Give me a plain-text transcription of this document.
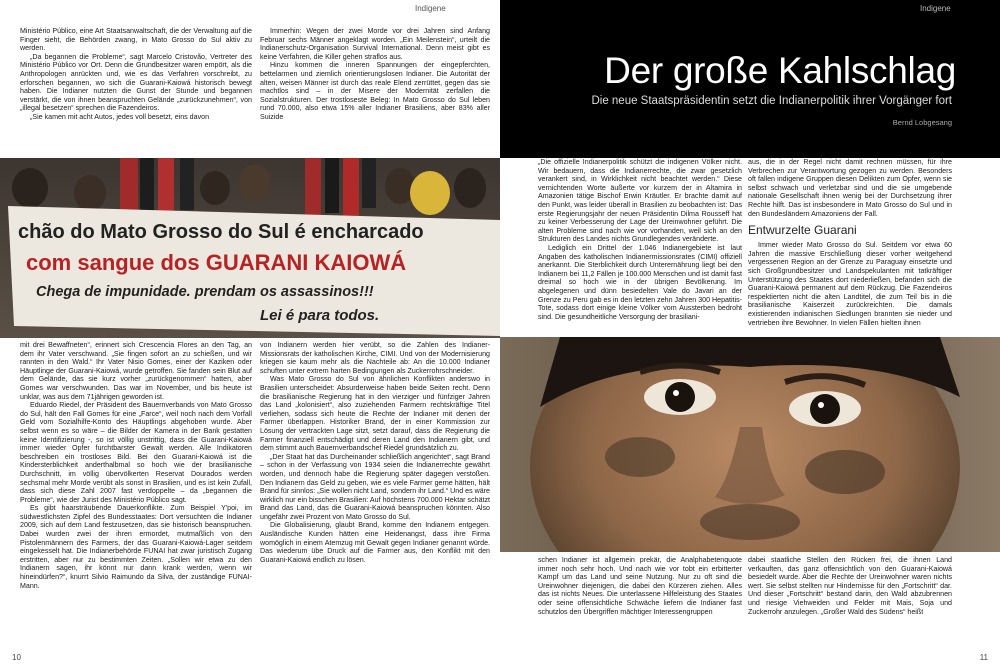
Indigene

Ministério Público, eine Art Staatsanwaltschaft, die der Verwaltung auf die Finger sieht, die Behörden zwang, in Mato Grosso do Sul aktiv zu werden.

„Da begannen die Probleme“, sagt Marcelo Cristovão, Vertreter des Ministério Público vor Ort. Denn die Grundbesitzer waren empört, als die Anthropologen anrückten und, wie es das Verfahren vorschreibt, zu erforschen begannen, wo sich die Guarani-Kaiowá historisch bewegt haben. Die Indianer nutzten die Gunst der Stunde und begannen verstärkt, die von ihnen beanspruchten Gelände „zurückzunehmen“, von „illegal besetzen“ sprechen die Fazendeiros.

„Sie kamen mit acht Autos, jedes voll besetzt, eins davon

Immerhin: Wegen der zwei Morde vor drei Jahren sind Anfang Februar sechs Männer angeklagt worden. „Ein Meilenstein“, urteilt die Indianerschutz-Organisation Survival International. Denn meist gibt es keine Verfahren, die Killer gehen straflos aus.

Hinzu kommen die inneren Spannungen der eingepferchten, bettelarmen und ziemlich orientierungslosen Indianer. Die Autorität der alten, weisen Männer ist durch das reale Elend zerrüttet, gegen das sie machtlos sind – in der Misere der Modernität zerfallen die Sozialstrukturen. Der trostloseste Beleg: In Mato Grosso do Sul leben rund 70.000, also etwa 15% aller Indianer Brasiliens, aber 83% aller Suizide

chão do Mato Grosso do Sul é encharcado
com sangue dos GUARANI KAIOWÁ
Chega de impunidade. prendam os assassinos!!!
Lei é para todos.

mit drei Bewaffneten“, erinnert sich Crescencia Flores an den Tag, an dem ihr Vater verschwand. „Sie fingen sofort an zu schießen, und wir rannten in den Wald.“ Ihr Vater Nisio Gomes, einer der Kaziken oder Häuptlinge der Guarani-Kaiowá, wurde getroffen. Sie fanden sein Blut auf dem Gelände, das sie kurz vorher „zurückgenommen“ hatten, aber Gomes war verschwunden. Das war im November, und bis heute ist unklar, was aus dem 71jährigen geworden ist.

Eduardo Riedel, der Präsident des Bauernverbands von Mato Grosso do Sul, hält den Fall Gomes für eine „Farce“, weil noch nach dem Vorfall Geld vom Sozialhilfe-Konto des Häuptlings abgehoben wurde. Aber selbst wenn es so wäre – die Bilder der Kamera in der Bank gestatten keine Identifizierung -, so ist völlig unstrittig, dass die Guarani-Kaiowá immer wieder Opfer furchtbarster Gewalt werden. Alle Indikatoren beschreiben ein trostloses Bild. Bei den Guarani-Kaiowá ist die Kindersterblichkeit anderthalbmal so hoch wie der brasilianische Durchschnitt, im völlig übervölkerten Reservat Dourados werden sechsmal mehr Morde verübt als sonst in Brasilien, und es ist kein Zufall, dass sich diese Zahl 2007 fast verdoppelte – da „begannen die Probleme“, wie der Jurist des Ministério Público sagt.

Es gibt haarsträubende Dauerkonflikte. Zum Beispiel Y'poi, im südwestlichsten Zipfel des Bundesstaates: Dort versuchten die Indianer 2009, sich auf dem Land festzusetzen, das sie historisch beanspruchen. Dabei wurden zwei der ihren ermordet, mutmaßlich von den Pistolenmännern des Farmers, der das Guarani-Kaiowá-Lager seitdem eingekesselt hat. Die Indianerbehörde FUNAI hat zwar juristisch Zugang erstritten, aber nur zu bestimmten Zeiten. „Sollen wir etwa zu den Indianern sagen, ihr könnt nur dann krank werden, wenn wir hineindürfen?“, knurrt Silvio Raimundo da Silva, der zuständige FUNAI-Mann.

von Indianern werden hier verübt, so die Zahlen des Indianer-Missionsrats der katholischen Kirche, CIMI. Und von der Modernisierung kriegen sie kaum mehr als die Nachteile ab: An die 10.000 Indianer schuften unter extrem harten Bedingungen als Zuckerrohrschneider.

Was Mato Grosso do Sul von ähnlichen Konflikten anderswo in Brasilien unterscheidet: Absurderweise haben beide Seiten recht. Denn die brasilianische Regierung hat in den vierziger und fünfziger Jahren das Land „kolonisiert“, also zuziehenden Farmern rechtskräftige Titel verliehen, sodass sich heute die Rechte der Indianer mit denen der Farmer überlappen. Historiker Brand, der in einer Kommission zur Lösung der vertrackten Lage sitzt, setzt darauf, dass die Regierung die Farmer finanziell entschädigt und deren Land den Indianern gibt, und dem stimmt auch Bauernverbandschef Riedel grundsätzlich zu.

„Der Staat hat das Durcheinander schließlich angerichtet“, sagt Brand – schon in der Verfassung von 1934 seien die Indianerrechte gewährt worden, und dennoch habe die Regierung später dagegen verstoßen. Den Indianern das Geld zu geben, wie es viele Farmer gerne hätten, hält Brand für sinnlos: „Sie wollen nicht Land, sondern ihr Land.“ Und es wäre wirklich nur ein bisschen Brasilien: Auf höchstens 700.000 Hektar schätzt Brand das Land, das die Guarani-Kaiowá beanspruchen könnten. Also ungefähr zwei Prozent von Mato Grosso do Sul.

Die Globalisierung, glaubt Brand, komme den Indianern entgegen. Ausländische Kunden hätten eine Heidenangst, dass ihre Firma womöglich in einem Atemzug mit Gewalt gegen Indianer genannt würde. Das wiederum übe Druck auf die Farmer aus, den Konflikt mit den Guarani-Kaiowá endlich zu lösen.

10
Indigene
Der große Kahlschlag
Die neue Staatspräsidentin setzt die Indianerpolitik ihrer Vorgänger fort
Bernd Lobgesang

„Die offizielle Indianerpolitik schützt die indigenen Völker nicht. Wir bedauern, dass die Indianerrechte, die zwar gesetzlich verankert sind, in Wirklichkeit nicht beachtet werden.“ Diese vernichtenden Worte äußerte vor kurzem der in Altamira in Amazonien tätige Bischof Erwin Kräutler. Er brachte damit auf den Punkt, was leider überall in Brasilien zu beobachten ist: Das erste Regierungsjahr der neuen Präsidentin Dilma Rousseff hat zu keiner Verbesserung der Lage der Ureinwohner geführt. Die alten Probleme sind nach wie vor vorhanden, weil sich an den Strukturen des Landes nichts Grundlegendes veränderte.

Lediglich ein Drittel der 1.046 Indianergebiete ist laut Angaben des katholischen Indianermissionsrates (CIMI) offiziell anerkannt. Die Sterblichkeit durch Unterernährung liegt bei den Indianern bei 11,2 Fällen je 100.000 Menschen und ist damit fast dreimal so hoch wie in der übrigen Bevölkerung. Im abgelegenen und dünn besiedelten Vale do Javari an der Grenze zu Peru gab es in den letzten zehn Jahren 300 Hepatitis-Tote, sodass dort einige kleine Völker vom Aussterben bedroht sind. Die gesundheitliche Versorgung der brasiliani-

aus, die in der Regel nicht damit rechnen müssen, für ihre Verbrechen zur Verantwortung gezogen zu werden. Besonders oft fallen indigene Gruppen diesen Delikten zum Opfer, wenn sie selbst schwach und verletzbar sind und die sie umgebende nationale Gesellschaft ihnen wenig bei der Durchsetzung ihrer Rechte hilft. Das ist insbesondere in Mato Grosso do Sul und in den Bundesländern Amazoniens der Fall.

Entwurzelte Guarani

Immer wieder Mato Grosso do Sul. Seitdem vor etwa 60 Jahren die massive Erschließung dieser vorher weitgehend vergessenen Region an der Grenze zu Paraguay einsetzte und sich Großgrundbesitzer und Landspekulanten mit tatkräftiger Unterstützung des Staates dort niederließen, befanden sich die Guarani-Kaiowá permanent auf dem Rückzug. Die Fazendeiros respektierten nicht die alten Landtitel, die zum Teil bis in die brasilianische Kaiserzeit zurückreichten. Die damals existierenden indianischen Siedlungen brannten sie nieder und vertrieben ihre Bewohner. In vielen Fällen hielten ihnen

schen Indianer ist allgemein prekär, die Analphabetenquote immer noch sehr hoch. Und nach wie vor tobt ein erbitterter Kampf um das Land und seine Nutzung. Nur zu oft sind die Ureinwohner diejenigen, die dabei den Kürzeren ziehen. Alles das ist nichts Neues. Die unterlassene Hilfeleistung des Staates oder seine offensichtliche Schwäche liefern die Indianer fast schutzlos den Übergriffen mächtiger Interessengruppen

dabei staatliche Stellen den Rücken frei, die ihnen Land verkauften, das ganz offensichtlich von den Guarani-Kaiowá besiedelt wurde. Aber die Rechte der Ureinwohner waren nichts wert. Sie selbst stellten nur Hindernisse für den „Fortschritt“ dar. Und dieser „Fortschritt“ bestand darin, den Wald abzubrennen und riesige Viehweiden und Felder mit Mais, Soja und Zuckerrohr anzulegen. „Großer Wald des Südens“ heißt

11
